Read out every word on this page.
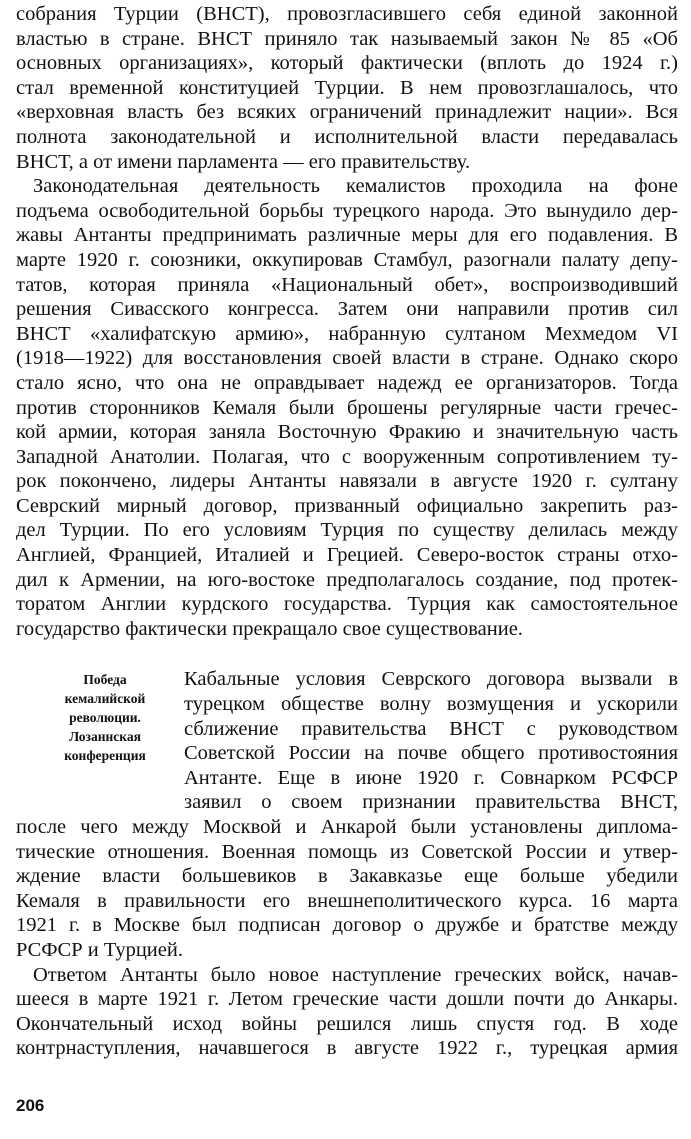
собрания Турции (ВНСТ), провозгласившего себя единой законной
властью в стране. ВНСТ приняло так называемый закон № 85 «Об
основных организациях», который фактически (вплоть до 1924 г.)
стал временной конституцией Турции. В нем провозглашалось, что
«верховная власть без всяких ограничений принадлежит нации». Вся
полнота законодательной и исполнительной власти передавалась
ВНСТ, а от имени парламента — его правительству.
Законодательная деятельность кемалистов проходила на фоне
подъема освободительной борьбы турецкого народа. Это вынудило дер-
жавы Антанты предпринимать различные меры для его подавления. В
марте 1920 г. союзники, оккупировав Стамбул, разогнали палату депу-
татов, которая приняла «Национальный обет», воспроизводивший
решения Сивасского конгресса. Затем они направили против сил
ВНСТ «халифатскую армию», набранную султаном Мехмедом VI
(1918—1922) для восстановления своей власти в стране. Однако скоро
стало ясно, что она не оправдывает надежд ее организаторов. Тогда
против сторонников Кемаля были брошены регулярные части гречес-
кой армии, которая заняла Восточную Фракию и значительную часть
Западной Анатолии. Полагая, что с вооруженным сопротивлением ту-
рок покончено, лидеры Антанты навязали в августе 1920 г. султану
Севрский мирный договор, призванный официально закрепить раз-
дел Турции. По его условиям Турция по существу делилась между
Англией, Францией, Италией и Грецией. Северо-восток страны отхо-
дил к Армении, на юго-востоке предполагалось создание, под протек-
торатом Англии курдского государства. Турция как самостоятельное
государство фактически прекращало свое существование.
Победа
кемалийской
революции.
Лозаннская
конференция
Кабальные условия Севрского договора вызвали в
турецком обществе волну возмущения и ускорили
сближение правительства ВНСТ с руководством
Советской России на почве общего противостояния
Антанте. Еще в июне 1920 г. Совнарком РСФСР
заявил о своем признании правительства ВНСТ,
после чего между Москвой и Анкарой были установлены диплома-
тические отношения. Военная помощь из Советской России и утвер-
ждение власти большевиков в Закавказье еще больше убедили
Кемаля в правильности его внешнеполитического курса. 16 марта
1921 г. в Москве был подписан договор о дружбе и братстве между
РСФСР и Турцией.
Ответом Антанты было новое наступление греческих войск, начав-
шееся в марте 1921 г. Летом греческие части дошли почти до Анкары.
Окончательный исход войны решился лишь спустя год. В ходе
контрнаступления, начавшегося в августе 1922 г., турецкая армия
206
